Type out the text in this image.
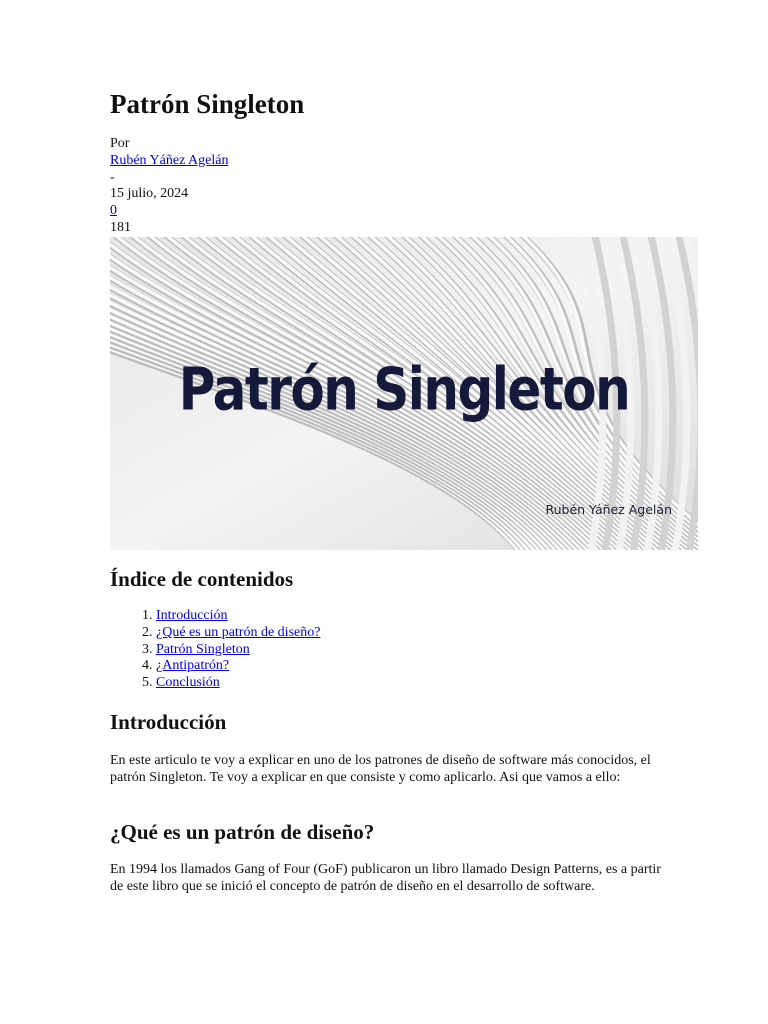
Patrón Singleton
Por
Rubén Yáñez Agelán
-
15 julio, 2024
0
181
Patrón Singleton
Rubén Yáñez Agelán
Índice de contenidos
1. Introducción
2. ¿Qué es un patrón de diseño?
3. Patrón Singleton
4. ¿Antipatrón?
5. Conclusión
Introducción

En este articulo te voy a explicar en uno de los patrones de diseño de software más conocidos, el patrón Singleton. Te voy a explicar en que consiste y como aplicarlo. Asi que vamos a ello:

¿Qué es un patrón de diseño?

En 1994 los llamados Gang of Four (GoF) publicaron un libro llamado Design Patterns, es a partir de este libro que se inició el concepto de patrón de diseño en el desarrollo de software.
